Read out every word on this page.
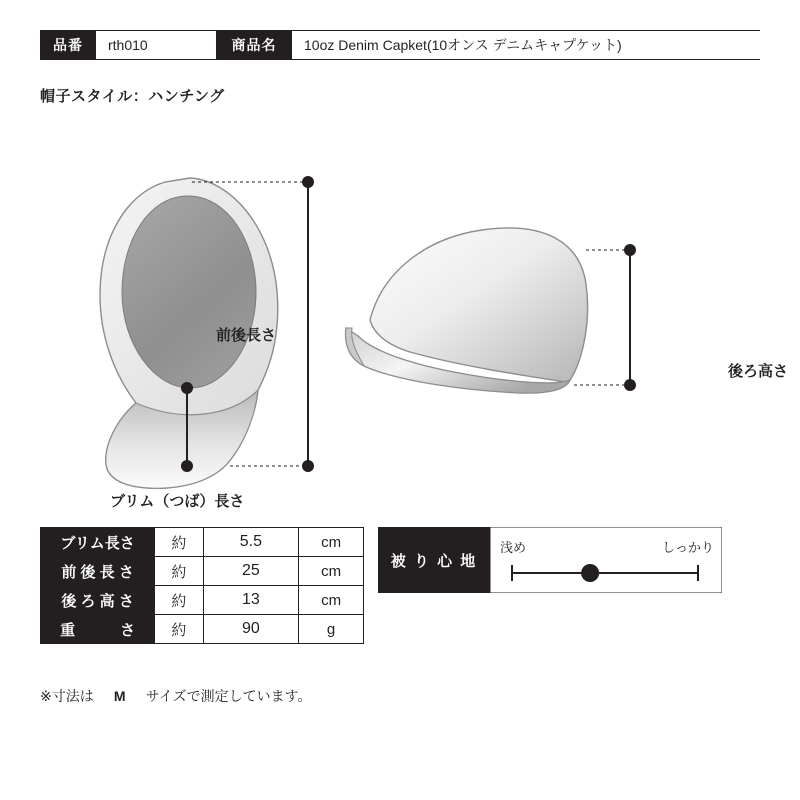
品番	rth010	商品名	10oz Denim Capket(10オンス デニムキャプケット)
帽子スタイル：ハンチング
前後長さ
ブリム（つば）長さ
後ろ高さ
ブリム長さ	約	5.5	cm
前 後 長 さ	約	25	cm
後 ろ 高 さ	約	13	cm
重　　　さ	約	90	g
※寸法は M サイズで測定しています。
被 り 心 地
浅め	しっかり
